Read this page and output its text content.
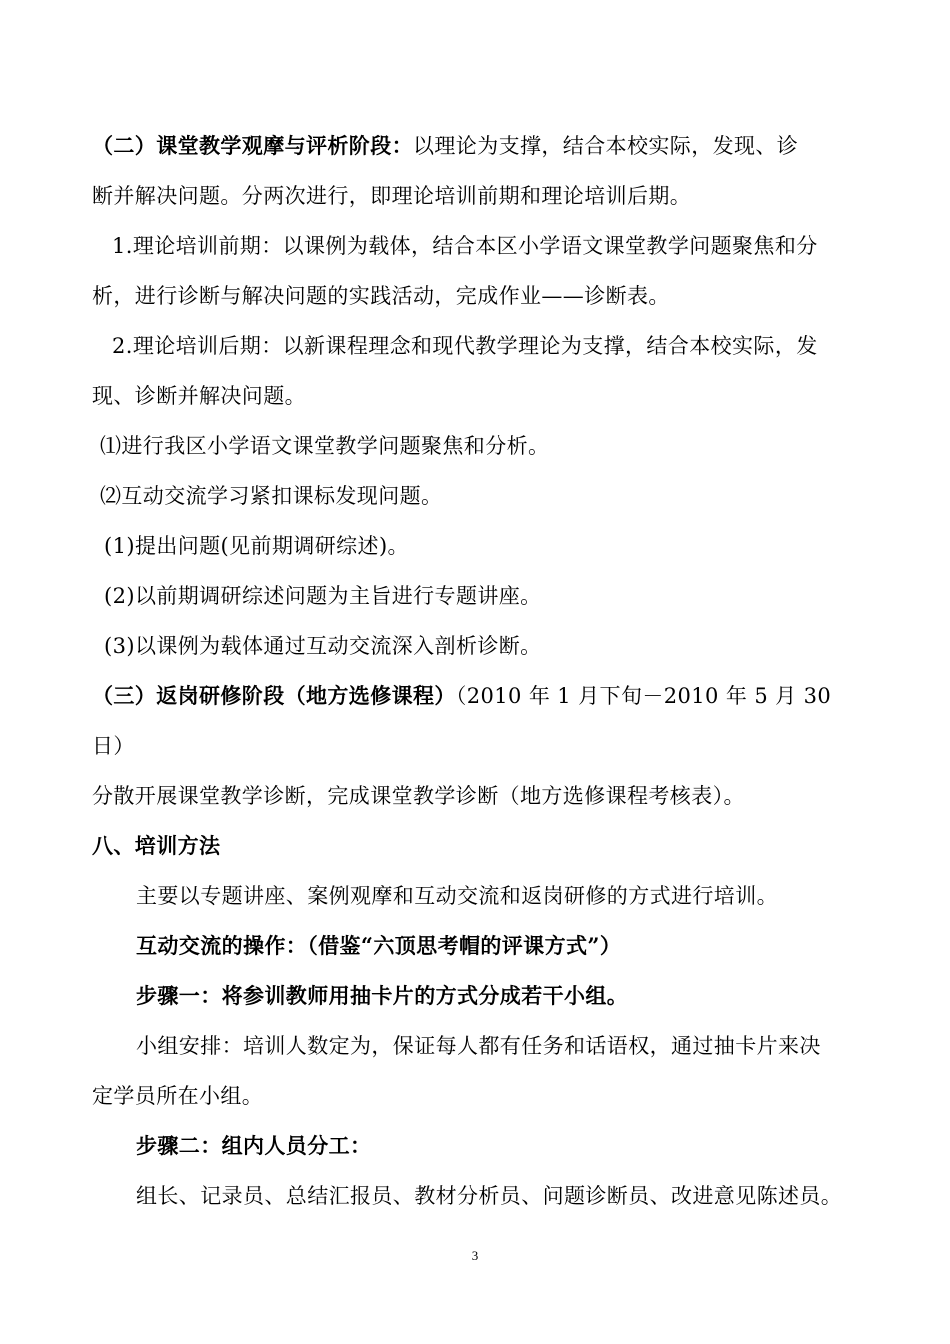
（二）课堂教学观摩与评析阶段：以理论为支撑，结合本校实际，发现、诊
断并解决问题。分两次进行，即理论培训前期和理论培训后期。
1.理论培训前期：以课例为载体，结合本区小学语文课堂教学问题聚焦和分
析，进行诊断与解决问题的实践活动，完成作业——诊断表。
2.理论培训后期：以新课程理念和现代教学理论为支撑，结合本校实际，发
现、诊断并解决问题。
⑴进行我区小学语文课堂教学问题聚焦和分析。
⑵互动交流学习紧扣课标发现问题。
(1)提出问题(见前期调研综述)。
(2)以前期调研综述问题为主旨进行专题讲座。
(3)以课例为载体通过互动交流深入剖析诊断。
（三）返岗研修阶段（地方选修课程）（2010 年 1 月下旬－2010 年 5 月 30
日）
分散开展课堂教学诊断，完成课堂教学诊断（地方选修课程考核表）。
八、培训方法
主要以专题讲座、案例观摩和互动交流和返岗研修的方式进行培训。
互动交流的操作：（借鉴“六顶思考帽的评课方式”）
步骤一：将参训教师用抽卡片的方式分成若干小组。
小组安排：培训人数定为，保证每人都有任务和话语权，通过抽卡片来决
定学员所在小组。
步骤二：组内人员分工：
组长、记录员、总结汇报员、教材分析员、问题诊断员、改进意见陈述员。
3
